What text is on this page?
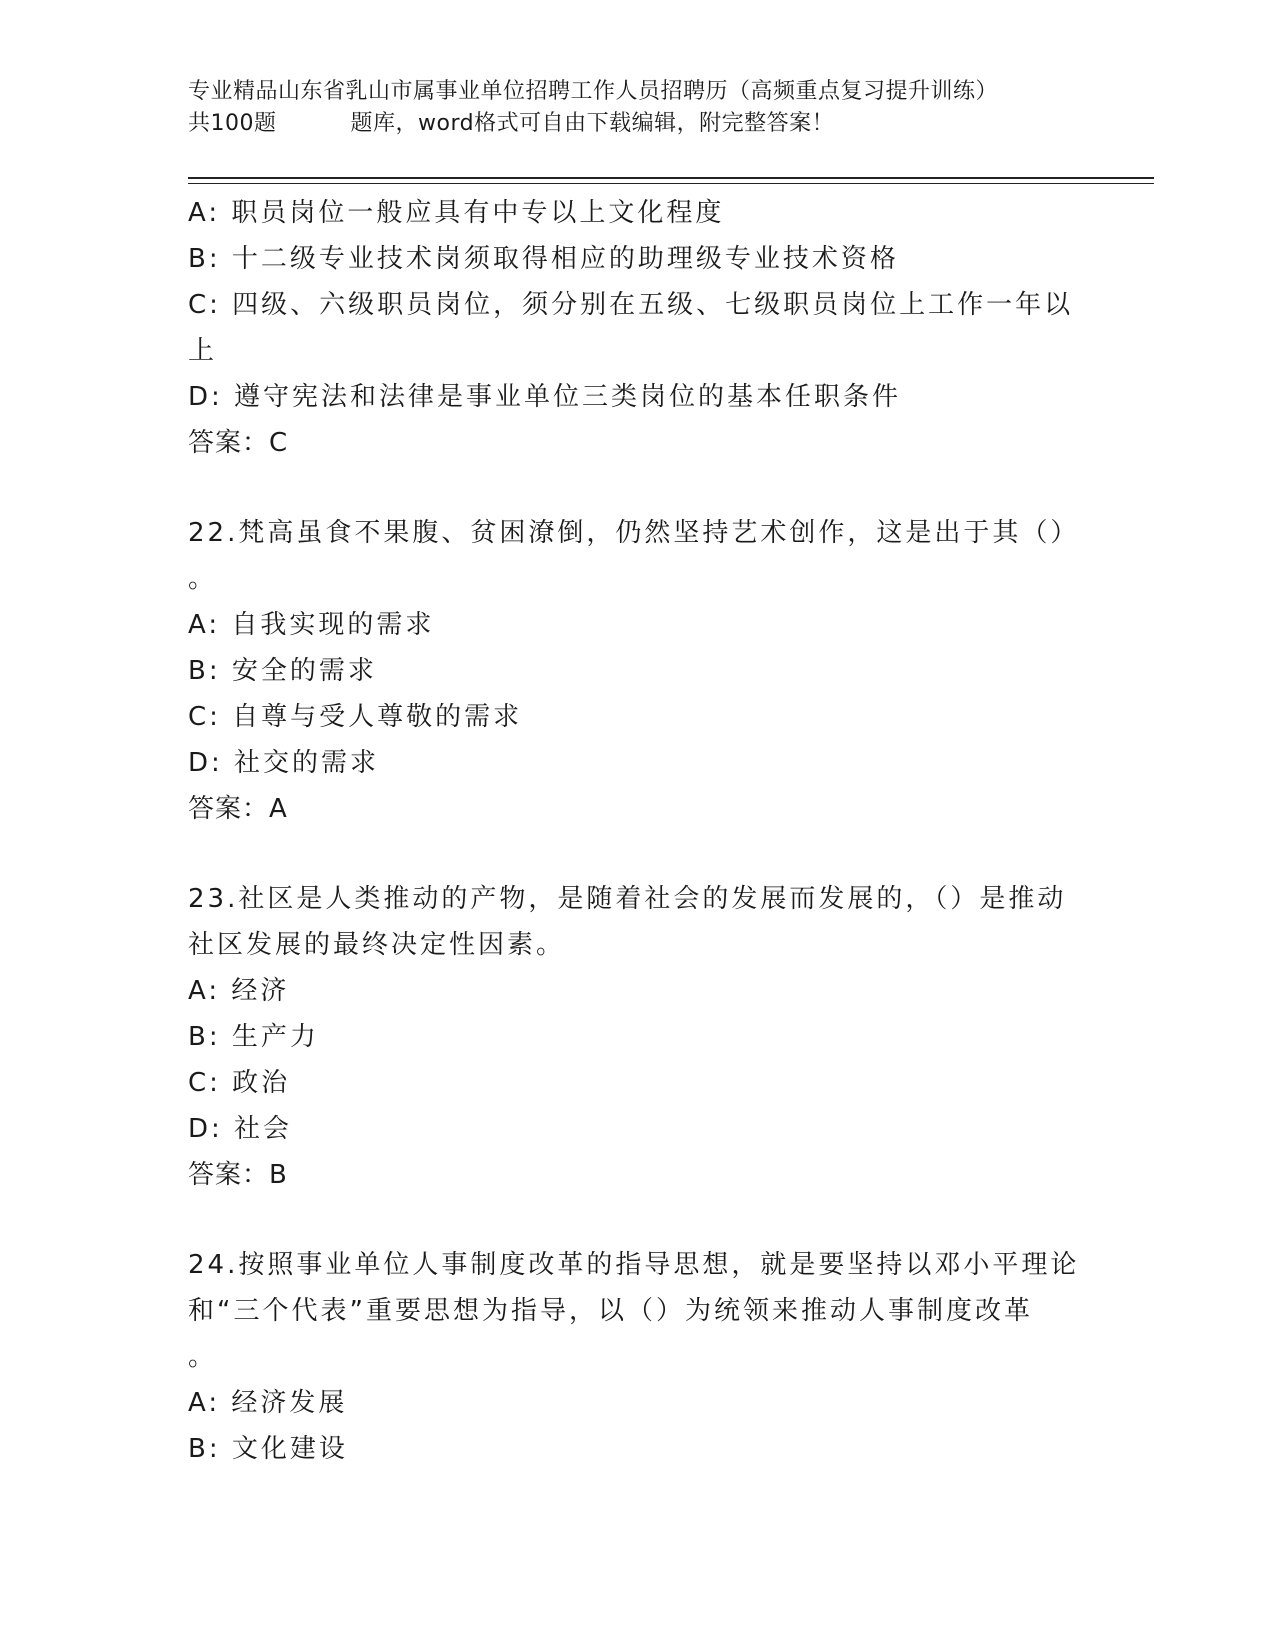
专业精品山东省乳山市属事业单位招聘工作人员招聘历（高频重点复习提升训练）
共100题	题库，word格式可自由下载编辑，附完整答案！
A: 职员岗位一般应具有中专以上文化程度
B: 十二级专业技术岗须取得相应的助理级专业技术资格
C: 四级、六级职员岗位，须分别在五级、七级职员岗位上工作一年以
上
D: 遵守宪法和法律是事业单位三类岗位的基本任职条件
答案：C
22.梵高虽食不果腹、贫困潦倒，仍然坚持艺术创作，这是出于其（）
。
A: 自我实现的需求
B: 安全的需求
C: 自尊与受人尊敬的需求
D: 社交的需求
答案：A
23.社区是人类推动的产物，是随着社会的发展而发展的，（）是推动
社区发展的最终决定性因素。
A: 经济
B: 生产力
C: 政治
D: 社会
答案：B
24.按照事业单位人事制度改革的指导思想，就是要坚持以邓小平理论
和“三个代表”重要思想为指导，以（）为统领来推动人事制度改革
。
A: 经济发展
B: 文化建设
